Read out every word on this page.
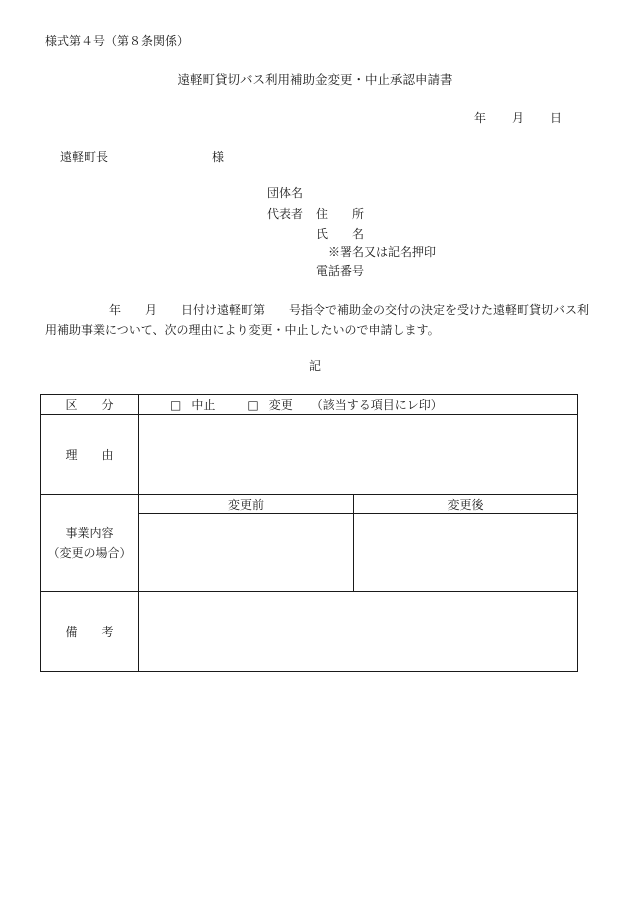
様式第４号（第８条関係）
遠軽町貸切バス利用補助金変更・中止承認申請書
年 月 日
遠軽町長	様
団体名
代表者 住　　所
氏　　名
※署名又は記名押印
電話番号
年　　月　　日付け遠軽町第　　号指令で補助金の交付の決定を受けた遠軽町貸切バス利用補助事業について、次の理由により変更・中止したいので申請します。
記
区　　分	□ 中止 □ 変更 （該当する項目にレ印）	
理　　由		

事業内容
（変更の場合）	変更前	変更後

備　　考		
